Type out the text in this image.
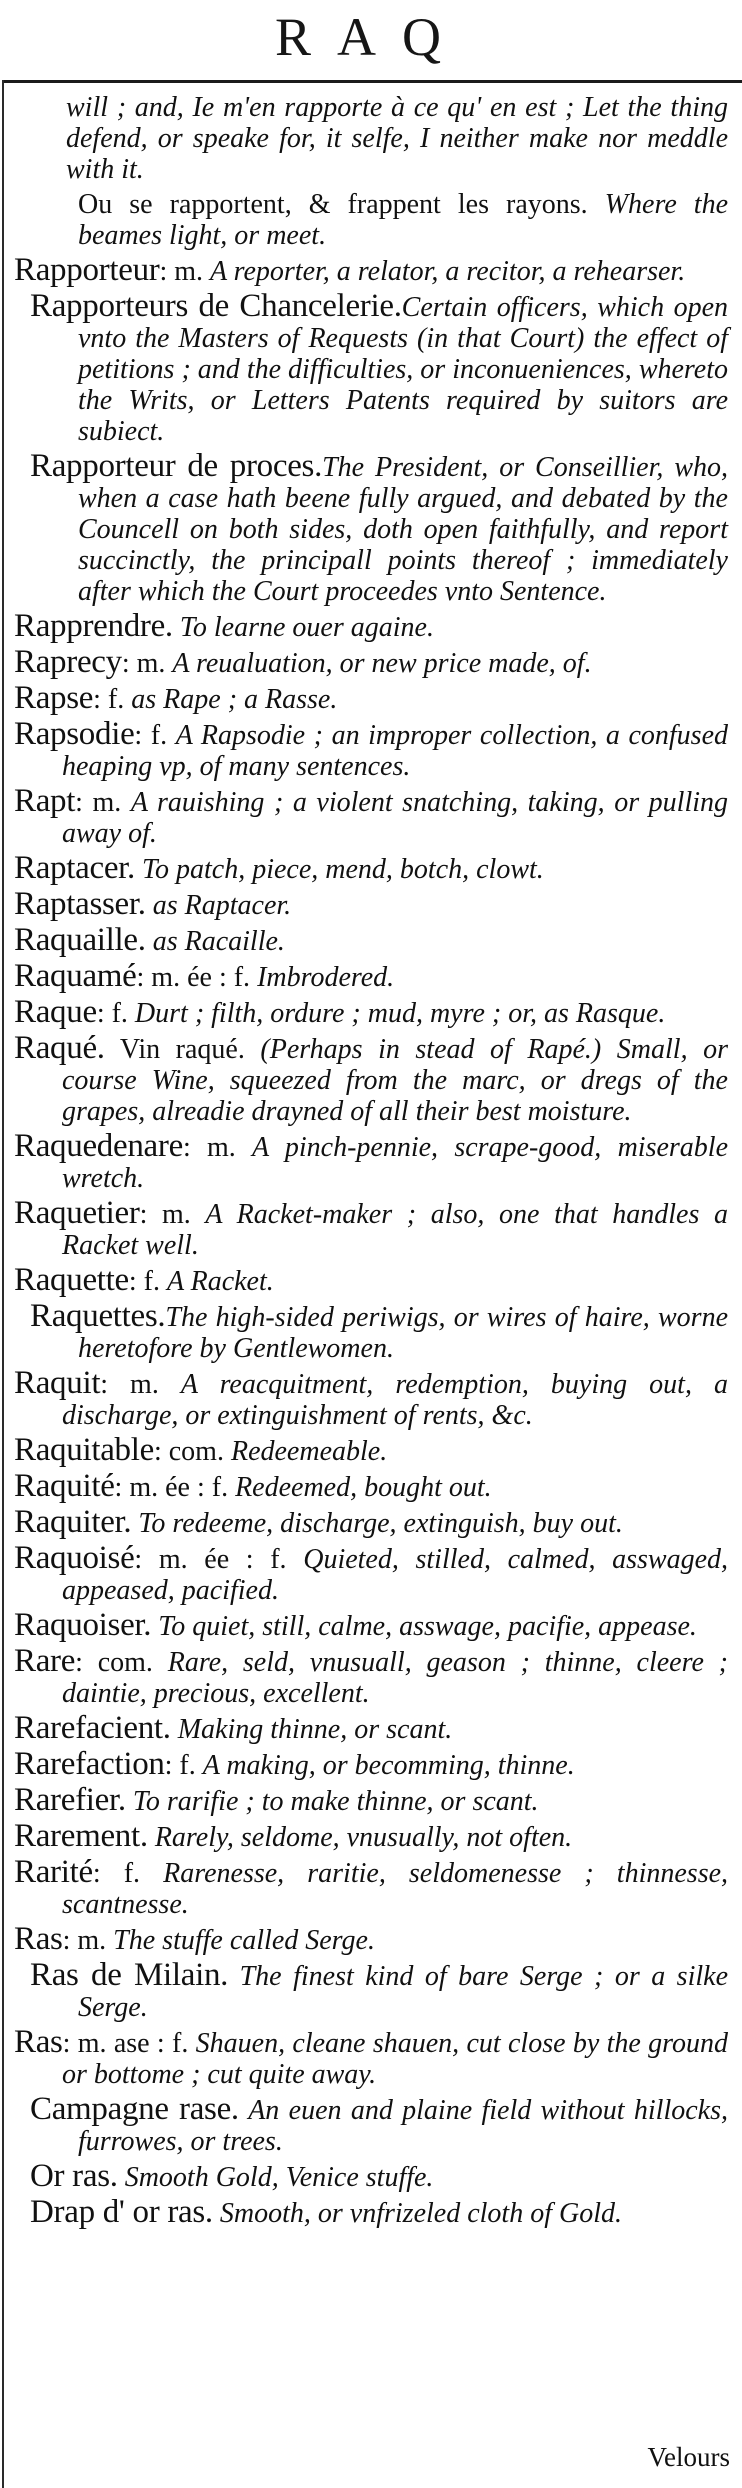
RAQ
will ; and, Ie m'en rapporte à ce qu' en est ; Let the thing defend, or speake for, it selfe, I neither make nor meddle with it.
Ou se rapportent, & frappent les rayons. Where the beames light, or meet.
Rapporteur: m. A reporter, a relator, a recitor, a rehearser.
Rapporteurs de Chancelerie.Certain officers, which open vnto the Masters of Requests (in that Court) the effect of petitions ; and the difficulties, or inconueniences, whereto the Writs, or Letters Patents required by suitors are subiect.
Rapporteur de proces.The President, or Conseillier, who, when a case hath beene fully argued, and debated by the Councell on both sides, doth open faithfully, and report succinctly, the principall points thereof ; immediately after which the Court proceedes vnto Sentence.
Rapprendre. To learne ouer againe.
Raprecy: m. A reualuation, or new price made, of.
Rapse: f. as Rape ; a Rasse.
Rapsodie: f. A Rapsodie ; an improper collection, a confused heaping vp, of many sentences.
Rapt: m. A rauishing ; a violent snatching, taking, or pulling away of.
Raptacer. To patch, piece, mend, botch, clowt.
Raptasser. as Raptacer.
Raquaille. as Racaille.
Raquamé: m. ée : f. Imbrodered.
Raque: f. Durt ; filth, ordure ; mud, myre ; or, as Rasque.
Raqué. Vin raqué. (Perhaps in stead of Rapé.) Small, or course Wine, squeezed from the marc, or dregs of the grapes, alreadie drayned of all their best moisture.
Raquedenare: m. A pinch-pennie, scrape-good, miserable wretch.
Raquetier: m. A Racket-maker ; also, one that handles a Racket well.
Raquette: f. A Racket.
Raquettes.The high-sided periwigs, or wires of haire, worne heretofore by Gentlewomen.
Raquit: m. A reacquitment, redemption, buying out, a discharge, or extinguishment of rents, &c.
Raquitable: com. Redeemeable.
Raquité: m. ée : f. Redeemed, bought out.
Raquiter. To redeeme, discharge, extinguish, buy out.
Raquoisé: m. ée : f. Quieted, stilled, calmed, asswaged, appeased, pacified.
Raquoiser. To quiet, still, calme, asswage, pacifie, appease.
Rare: com. Rare, seld, vnusuall, geason ; thinne, cleere ; daintie, precious, excellent.
Rarefacient. Making thinne, or scant.
Rarefaction: f. A making, or becomming, thinne.
Rarefier. To rarifie ; to make thinne, or scant.
Rarement. Rarely, seldome, vnusually, not often.
Rarité: f. Rarenesse, raritie, seldomenesse ; thinnesse, scantnesse.
Ras: m. The stuffe called Serge.
Ras de Milain. The finest kind of bare Serge ; or a silke Serge.
Ras: m. ase : f. Shauen, cleane shauen, cut close by the ground or bottome ; cut quite away.
Campagne rase. An euen and plaine field without hillocks, furrowes, or trees.
Or ras. Smooth Gold, Venice stuffe.
Drap d' or ras. Smooth, or vnfrizeled cloth of Gold.
Velours
